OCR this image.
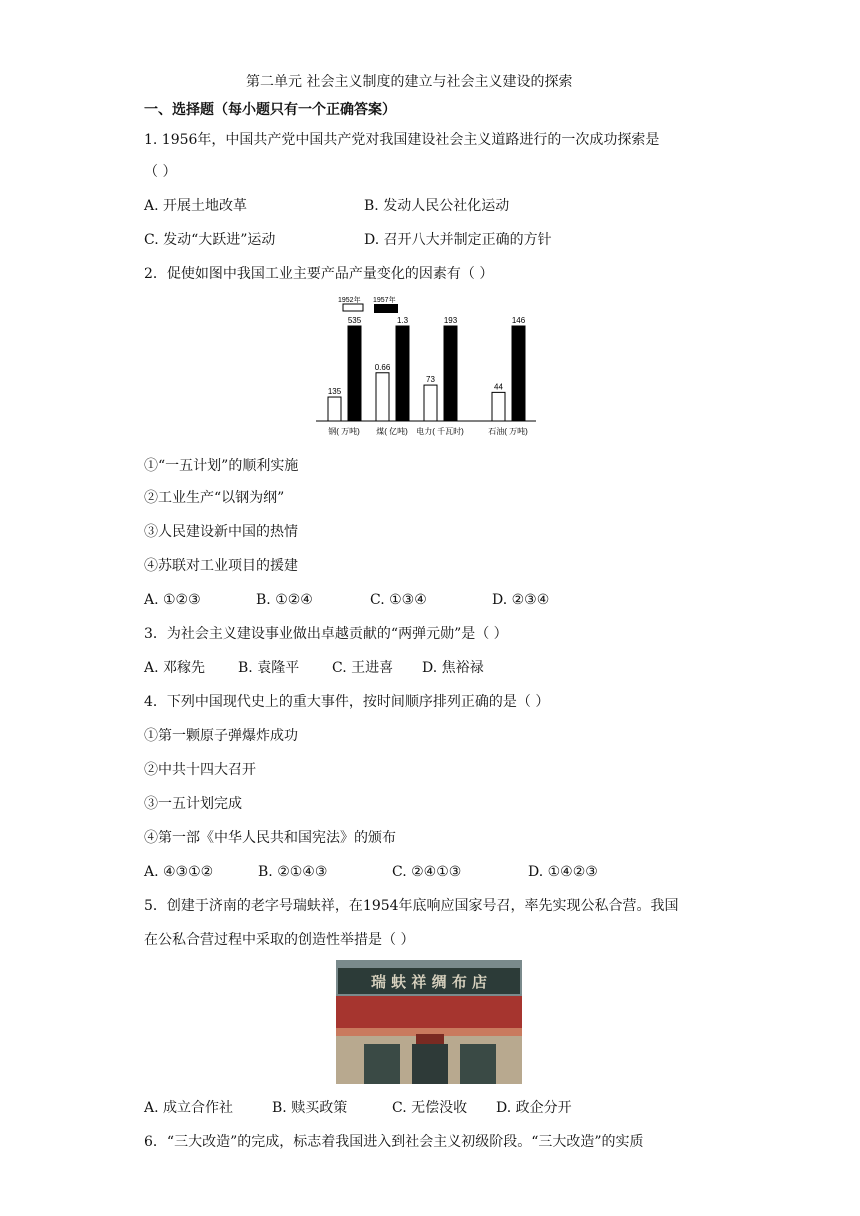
第二单元 社会主义制度的建立与社会主义建设的探索
一、选择题（每小题只有一个正确答案）
1. 1956年，中国共产党中国共产党对我国建设社会主义道路进行的一次成功探索是
（ ）
A. 开展土地改革	B. 发动人民公社化运动
C. 发动“大跃进”运动	D. 召开八大并制定正确的方针
2．促使如图中我国工业主要产品产量变化的因素有（ ）
1952年 1957年
135
535
0.66
1.3
73
193
44
146
钢( 万吨) 煤( 亿吨) 电力( 千瓦时)	石油( 万吨)
①“一五计划”的顺利实施
②工业生产“以钢为纲”
③人民建设新中国的热情
④苏联对工业项目的援建
A. ①②③	B. ①②④	C. ①③④	D. ②③④
3．为社会主义建设事业做出卓越贡献的“两弹元勋”是（ ）
A. 邓稼先 B. 袁隆平 C. 王进喜 D. 焦裕禄
4．下列中国现代史上的重大事件，按时间顺序排列正确的是（ ）
①第一颗原子弹爆炸成功
②中共十四大召开
③一五计划完成
④第一部《中华人民共和国宪法》的颁布
A. ④③①②	B. ②①④③	C. ②④①③	D. ①④②③
5．创建于济南的老字号瑞蚨祥，在1954年底响应国家号召，率先实现公私合营。我国
在公私合营过程中采取的创造性举措是（ ）
瑞 蚨 祥 绸 布 店
A. 成立合作社	B. 赎买政策	C. 无偿没收 D. 政企分开
6．“三大改造”的完成，标志着我国进入到社会主义初级阶段。“三大改造”的实质
